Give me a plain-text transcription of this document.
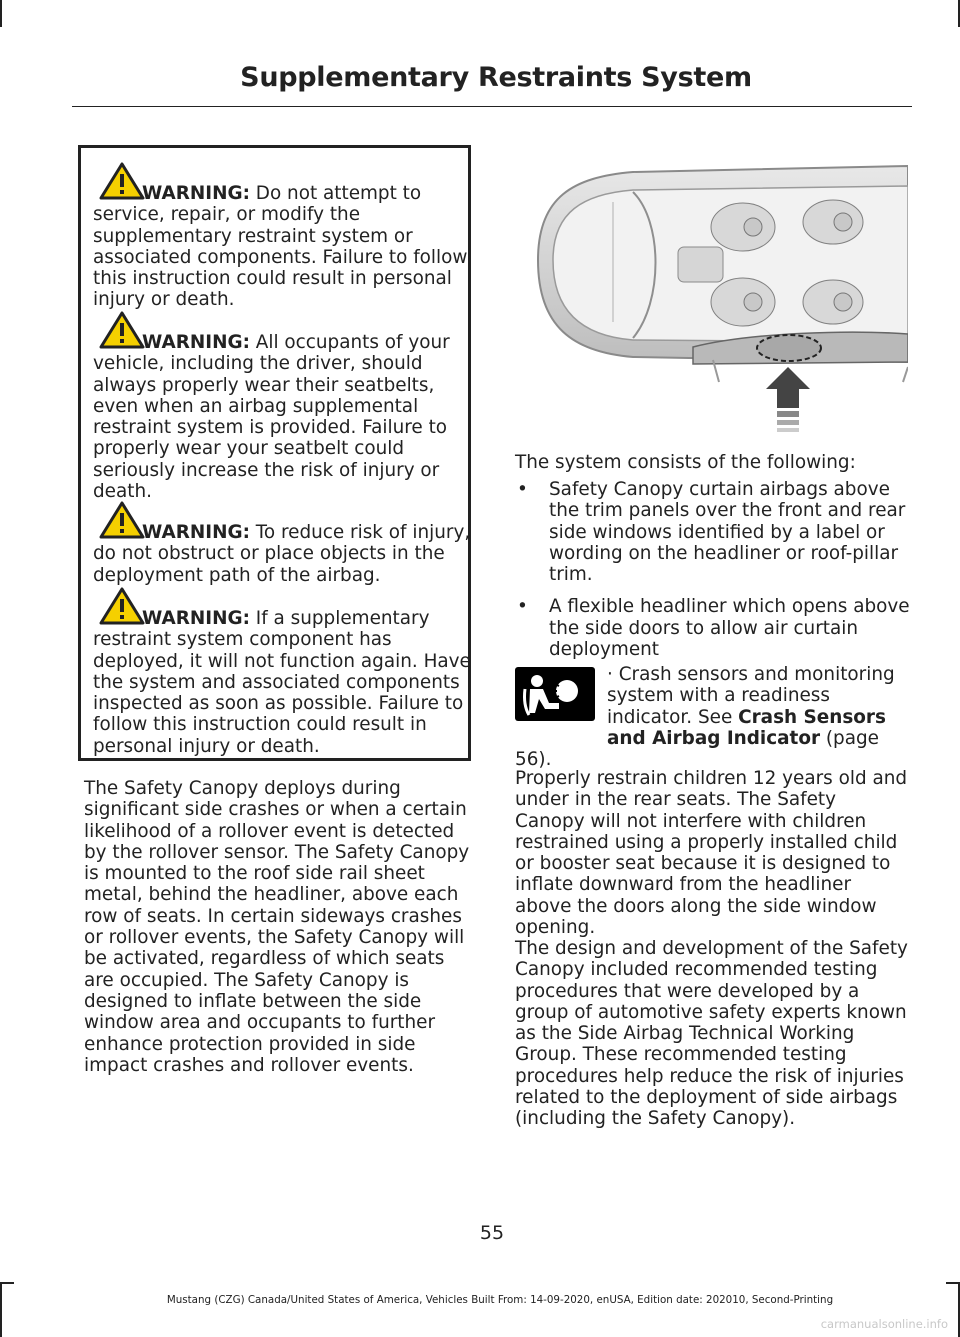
Supplementary Restraints System

WARNING: Do not attempt to service, repair, or modify the supplementary restraint system or associated components. Failure to follow this instruction could result in personal injury or death.

WARNING: All occupants of your vehicle, including the driver, should always properly wear their seatbelts, even when an airbag supplemental restraint system is provided. Failure to properly wear your seatbelt could seriously increase the risk of injury or death.

WARNING: To reduce risk of injury, do not obstruct or place objects in the deployment path of the airbag.

WARNING: If a supplementary restraint system component has deployed, it will not function again. Have the system and associated components inspected as soon as possible. Failure to follow this instruction could result in personal injury or death.

The Safety Canopy deploys during significant side crashes or when a certain likelihood of a rollover event is detected by the rollover sensor. The Safety Canopy is mounted to the roof side rail sheet metal, behind the headliner, above each row of seats. In certain sideways crashes or rollover events, the Safety Canopy will be activated, regardless of which seats are occupied. The Safety Canopy is designed to inflate between the side window area and occupants to further enhance protection provided in side impact crashes and rollover events.

The system consists of the following:

• Safety Canopy curtain airbags above the trim panels over the front and rear side windows identified by a label or wording on the headliner or roof-pillar trim.
• A flexible headliner which opens above the side doors to allow air curtain deployment

· Crash sensors and monitoring system with a readiness indicator. See Crash Sensors and Airbag Indicator (page 56).

Properly restrain children 12 years old and under in the rear seats. The Safety Canopy will not interfere with children restrained using a properly installed child or booster seat because it is designed to inflate downward from the headliner above the doors along the side window opening.

The design and development of the Safety Canopy included recommended testing procedures that were developed by a group of automotive safety experts known as the Side Airbag Technical Working Group. These recommended testing procedures help reduce the risk of injuries related to the deployment of side airbags (including the Safety Canopy).

55
Mustang (CZG) Canada/United States of America, Vehicles Built From: 14-09-2020, enUSA, Edition date: 202010, Second-Printing
carmanualsonline.info
